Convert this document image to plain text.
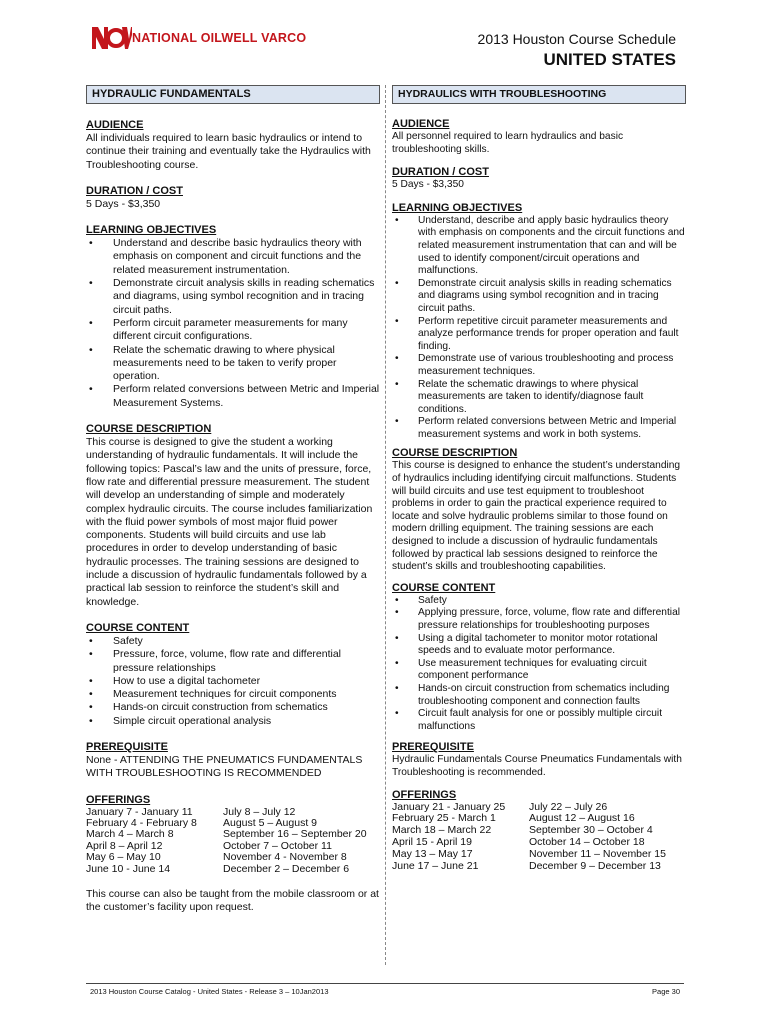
NATIONAL OILWELL VARCO	2013 Houston Course Schedule
UNITED STATES
HYDRAULIC FUNDAMENTALS
AUDIENCE
All individuals required to learn basic hydraulics or intend to continue their training and eventually take the Hydraulics with Troubleshooting course.
DURATION / COST
5 Days - $3,350
LEARNING OBJECTIVES
• Understand and describe basic hydraulics theory with emphasis on component and circuit functions and the related measurement instrumentation.
• Demonstrate circuit analysis skills in reading schematics and diagrams, using symbol recognition and in tracing circuit paths.
• Perform circuit parameter measurements for many different circuit configurations.
• Relate the schematic drawing to where physical measurements need to be taken to verify proper operation.
• Perform related conversions between Metric and Imperial Measurement Systems.
COURSE DESCRIPTION
This course is designed to give the student a working understanding of hydraulic fundamentals. It will include the following topics: Pascal’s law and the units of pressure, force, flow rate and differential pressure measurement. The student will develop an understanding of simple and moderately complex hydraulic circuits. The course includes familiarization with the fluid power symbols of most major fluid power components. Students will build circuits and use lab procedures in order to develop understanding of basic hydraulic processes. The training sessions are designed to include a discussion of hydraulic fundamentals followed by a practical lab session to reinforce the student’s skill and knowledge.
COURSE CONTENT
• Safety
• Pressure, force, volume, flow rate and differential pressure relationships
• How to use a digital tachometer
• Measurement techniques for circuit components
• Hands-on circuit construction from schematics
• Simple circuit operational analysis
PREREQUISITE
None - ATTENDING THE PNEUMATICS FUNDAMENTALS WITH TROUBLESHOOTING IS RECOMMENDED
OFFERINGS
January 7 - January 11	July 8 – July 12
February 4 - February 8	August 5 – August 9
March 4 – March 8	September 16 – September 20
April 8 – April 12	October 7 – October 11
May 6 – May 10	November 4 - November 8
June 10 - June 14	December 2 – December 6
This course can also be taught from the mobile classroom or at the customer’s facility upon request.
HYDRAULICS WITH TROUBLESHOOTING
AUDIENCE
All personnel required to learn hydraulics and basic troubleshooting skills.
DURATION / COST
5 Days - $3,350
LEARNING OBJECTIVES
• Understand, describe and apply basic hydraulics theory with emphasis on components and the circuit functions and related measurement instrumentation that can and will be used to identify component/circuit operations and malfunctions.
• Demonstrate circuit analysis skills in reading schematics and diagrams using symbol recognition and in tracing circuit paths.
• Perform repetitive circuit parameter measurements and analyze performance trends for proper operation and fault finding.
• Demonstrate use of various troubleshooting and process measurement techniques.
• Relate the schematic drawings to where physical measurements are taken to identify/diagnose fault conditions.
• Perform related conversions between Metric and Imperial measurement systems and work in both systems.
COURSE DESCRIPTION
This course is designed to enhance the student’s understanding of hydraulics including identifying circuit malfunctions. Students will build circuits and use test equipment to troubleshoot problems in order to gain the practical experience required to locate and solve hydraulic problems similar to those found on modern drilling equipment. The training sessions are each designed to include a discussion of hydraulic fundamentals followed by practical lab sessions designed to reinforce the student’s skills and troubleshooting capabilities.
COURSE CONTENT
• Safety
• Applying pressure, force, volume, flow rate and differential pressure relationships for troubleshooting purposes
• Using a digital tachometer to monitor motor rotational speeds and to evaluate motor performance.
• Use measurement techniques for evaluating circuit component performance
• Hands-on circuit construction from schematics including troubleshooting component and connection faults
• Circuit fault analysis for one or possibly multiple circuit malfunctions
PREREQUISITE
Hydraulic Fundamentals Course Pneumatics Fundamentals with Troubleshooting is recommended.
OFFERINGS
January 21 - January 25	July 22 – July 26
February 25 - March 1	August 12 – August 16
March 18 – March 22	September 30 – October 4
April 15 - April 19	October 14 – October 18
May 13 – May 17	November 11 – November 15
June 17 – June 21	December 9 – December 13
2013 Houston Course Catalog - United States - Release 3 – 10Jan2013	Page 30
